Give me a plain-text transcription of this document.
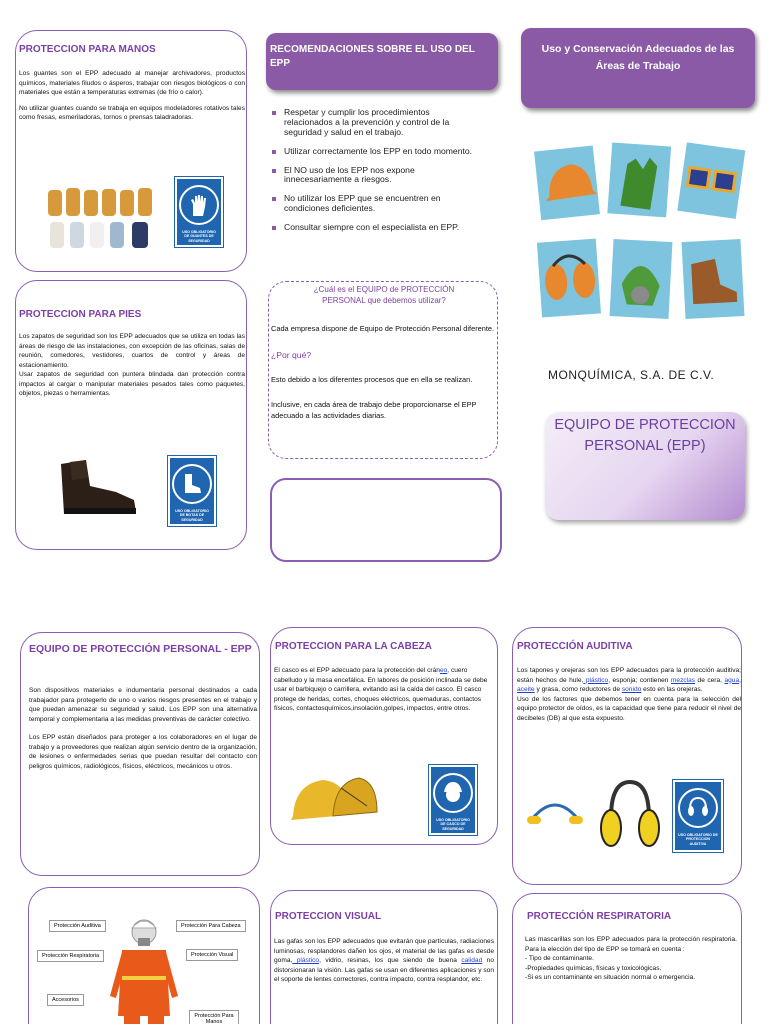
PROTECCION PARA MANOS

Los guantes son el EPP adecuado al manejar archivadores, productos químicos, materiales filudos o ásperos, trabajar con riesgos biológicos o con materiales que están a temperaturas extremas (de frío o calor).

No utilizar guantes cuando se trabaja en equipos modeladores rotativos tales como fresas, esmeriladoras, tornos o prensas taladradoras.

USO OBLIGATORIO DE GUANTES DE SEGURIDAD
PROTECCION PARA PIES

Los zapatos de seguridad son los EPP adecuados que se utiliza en todas las áreas de riesgo de las instalaciones, con excepción de las oficinas, salas de reunión, comedores, vestidores, cuartos de control y áreas de estacionamiento.

Usar zapatos de seguridad con puntera blindada dan protección contra impactos al cargar o manipular materiales pesados tales como paquetes, objetos, piezas o herramientas.

USO OBLIGATORIO DE BOTAS DE SEGURIDAD
RECOMENDACIONES SOBRE EL USO DEL EPP
Respetar y cumplir los procedimientos relacionados a la prevención y control de la seguridad y salud en el trabajo.
Utilizar correctamente los EPP en todo momento.
El NO uso de los EPP nos expone innecesariamente a riesgos.
No utilizar los EPP que se encuentren en condiciones deficientes.
Consultar siempre con el especialista en EPP.
¿Cuál es el EQUIPO de PROTECCIÓN PERSONAL que debemos utilizar?

Cada empresa dispone de Equipo de Protección Personal diferente.

¿Por qué?

Esto debido a los diferentes procesos que en ella se realizan.

Inclusive, en cada área de trabajo debe proporcionarse el EPP adecuado a las actividades diarias.

Uso y Conservación Adecuados de las Áreas de Trabajo
MONQUÍMICA, S.A. DE C.V.
EQUIPO DE PROTECCION PERSONAL (EPP)
EQUIPO DE PROTECCIÓN PERSONAL - EPP

Son dispositivos materiales e indumentaria personal destinados a cada trabajador para protegerlo de uno o varios riesgos presentes en el trabajo y que puedan amenazar su seguridad y salud. Los EPP son una alternativa temporal y complementaria a las medidas preventivas de carácter colectivo.

Los EPP están diseñados para proteger a los colaboradores en el lugar de trabajo y a proveedores que realizan algún servicio dentro de la organización, de lesiones o enfermedades serias que puedan resultar del contacto con peligros químicos, radiológicos, físicos, eléctricos, mecánicos u otros.

PROTECCION PARA LA CABEZA
El casco es el EPP adecuado para la protección del cráneo, cuero cabelludo y la masa encefálica. En labores de posición inclinada se debe usar el barbiquejo o carrillera, evitando así la caída del casco. El casco protege de heridas, cortes, choques eléctricos, quemaduras, contactos físicos, contactosquímicos,insolación,golpes, impactos, entre otros.
USO OBLIGATORIO DE CASCO DE SEGURIDAD
PROTECCIÓN AUDITIVA

Los tapones y orejeras son los EPP adecuados para la protección auditiva; están hechos de hule, plástico, esponja; contienen mezclas de cera, agua, aceite y grasa, como reductores de sonido esto en las orejeras.

Uso de los factores que debemos tener en cuenta para la selección del equipo protector de oídos, es la capacidad que tiene para reducir el nivel de decibeles (DB) al que esta expuesto.

USO OBLIGATORIO DE PROTECCION AUDITIVA
Protección Auditiva	Protección Para Cabeza
Protección Respiratoria	Protección Visual
Accesorios
Protección Para Manos
PROTECCION VISUAL
Las gafas son los EPP adecuados que evitarán que partículas, radiaciones luminosas, resplandores dañen los ojos, el material de las gafas es desde goma, plástico, vidrio, resinas, los que siendo de buena calidad no distorsionaran la visión. Las gafas se usan en diferentes aplicaciones y son el soporte de lentes correctores, contra impacto, contra resplandor, etc.
PROTECCIÓN RESPIRATORIA

Las mascarillas son los EPP adecuados para la protección respiratoria. Para la elección del tipo de EPP se tomará en cuenta :

- Tipo de contaminante.
-Propiedades químicas, físicas y toxicológicas.
-Si es un contaminante en situación normal o emergencia.
